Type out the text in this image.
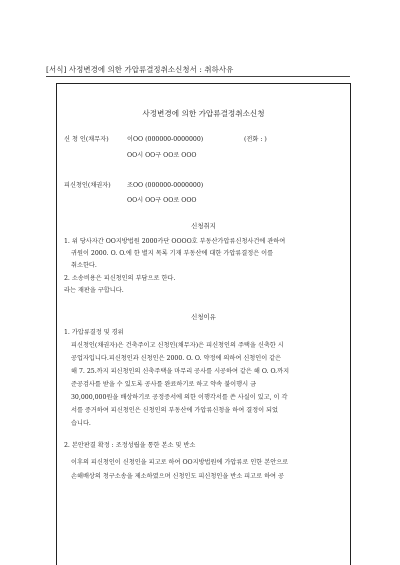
[서식] 사정변경에 의한 가압류결정취소신청서 : 취하사유
사정변경에 의한 가압류결정취소신청
신 청 인(채무자)	이OO (000000-0000000)	(전화 : )
OO시 OO구 OO로 OOO
피신청인(채권자)	조OO (000000-0000000)
OO시 OO구 OO로 OOO
신청취지
1. 위 당사자간 OO지방법원 2000카단 OOOO호 부동산가압류신청사건에 관하여
귀원이 2000. O. O.에 한 별지 목록 기재 부동산에 대한 가압류결정은 이를
취소한다.
2. 소송비용은 피신청인의 부담으로 한다.
라는 재판을 구합니다.
신청이유
1. 가압류결정 및 경위
피신청인(채권자)은 건축주이고 신청인(채무자)은 피신청인의 주택을 신축한 시
공업자입니다.피신청인과 신청인은 2000. O. O. 약정에 의하여 신청인이 같은
해 7. 25.까지 피신청인의 신축주택을 마무리 공사를 시공하여 같은 해 O. O.까지
준공검사를 받을 수 있도록 공사를 완료하기로 하고 약속 불이행시 금
30,000,000원을 배상하기로 공정증서에 의한 이행각서를 쓴 사실이 있고, 이 각
서를 증거하여 피신청인은 신청인의 부동산에 가압류신청을 하여 결정이 되었
습니다.
2. 본안판결 확정 : 조정성립을 통한 본소 및 반소
이후의 피신청인이 신청인을 피고로 하여 OO지방법원에 가압류로 인한 본안으로
손해배상의 청구소송을 제소하였으며 신청인도 피신청인을 반소 피고로 하여 공
